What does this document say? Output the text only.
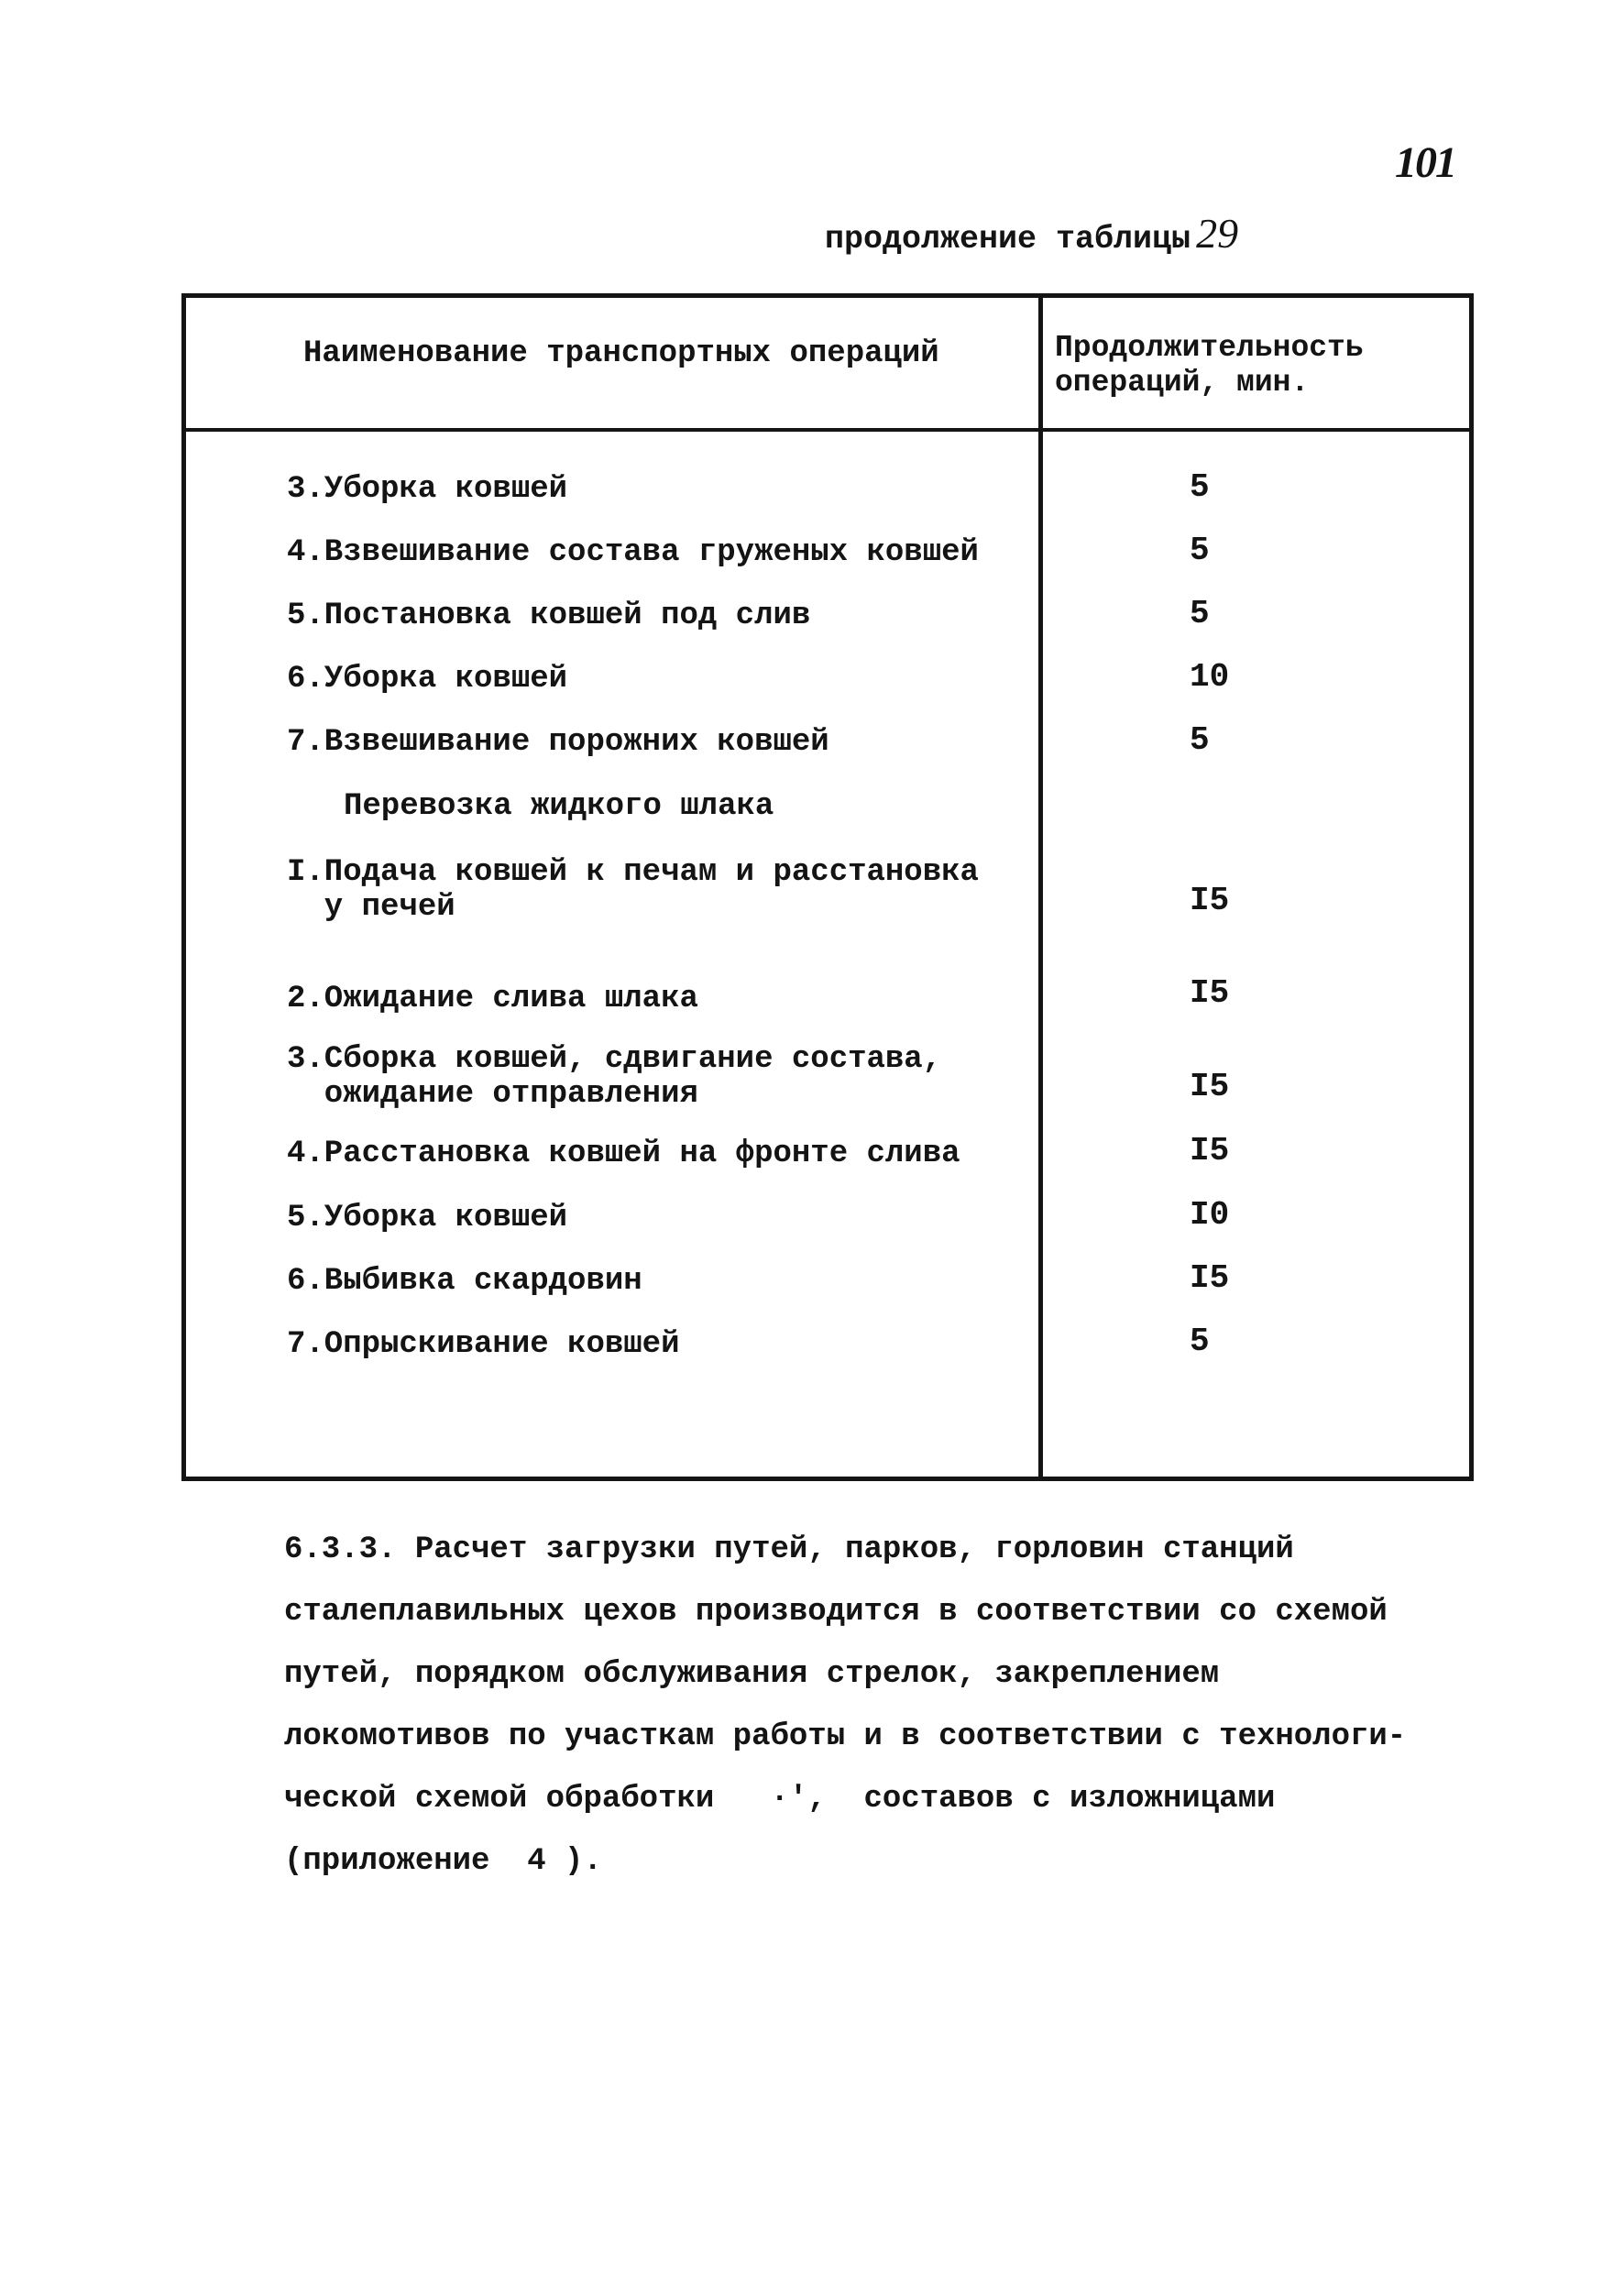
101
продолжение таблицы 29
Наименование транспортных операций	Продолжительность
операций, мин.
3.Уборка ковшей	5
4.Взвешивание состава груженых ковшей	5
5.Постановка ковшей под слив	5
6.Уборка ковшей	10
7.Взвешивание порожних ковшей	5
Перевозка жидкого шлака
I.Подача ковшей к печам и расстановка
у печей	I5
2.Ожидание слива шлака	I5
3.Сборка ковшей, сдвигание состава,
ожидание отправления	I5
4.Расстановка ковшей на фронте слива	I5
5.Уборка ковшей	I0
6.Выбивка скардовин	I5
7.Опрыскивание ковшей	5
6.3.3. Расчет загрузки путей, парков, горловин станций
сталеплавильных цехов производится в соответствии со схемой
путей, порядком обслуживания стрелок, закреплением
локомотивов по участкам работы и в соответствии с технологи-
ческой схемой обработки   ·',  составов с изложницами
(приложение  4 ).
